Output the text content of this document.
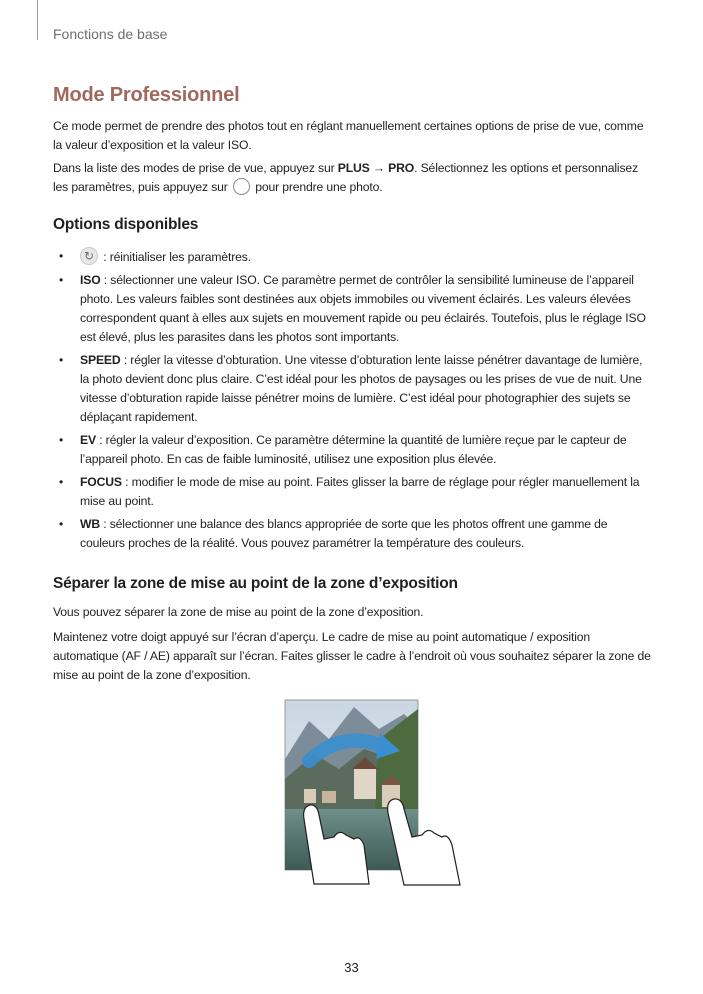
Fonctions de base
Mode Professionnel

Ce mode permet de prendre des photos tout en réglant manuellement certaines options de prise de vue, comme la valeur d’exposition et la valeur ISO.

Dans la liste des modes de prise de vue, appuyez sur PLUS → PRO. Sélectionnez les options et personnalisez les paramètres, puis appuyez sur  pour prendre une photo.

Options disponibles
•
↻	: réinitialiser les paramètres.
• ISO : sélectionner une valeur ISO. Ce paramètre permet de contrôler la sensibilité lumineuse de l’appareil photo. Les valeurs faibles sont destinées aux objets immobiles ou vivement éclairés. Les valeurs élevées correspondent quant à elles aux sujets en mouvement rapide ou peu éclairés. Toutefois, plus le réglage ISO est élevé, plus les parasites dans les photos sont importants.
• SPEED : régler la vitesse d’obturation. Une vitesse d’obturation lente laisse pénétrer davantage de lumière, la photo devient donc plus claire. C’est idéal pour les photos de paysages ou les prises de vue de nuit. Une vitesse d’obturation rapide laisse pénétrer moins de lumière. C’est idéal pour photographier des sujets se déplaçant rapidement.
• EV : régler la valeur d’exposition. Ce paramètre détermine la quantité de lumière reçue par le capteur de l’appareil photo. En cas de faible luminosité, utilisez une exposition plus élevée.
• FOCUS : modifier le mode de mise au point. Faites glisser la barre de réglage pour régler manuellement la mise au point.
• WB : sélectionner une balance des blancs appropriée de sorte que les photos offrent une gamme de couleurs proches de la réalité. Vous pouvez paramétrer la température des couleurs.
Séparer la zone de mise au point de la zone d’exposition

Vous pouvez séparer la zone de mise au point de la zone d’exposition.

Maintenez votre doigt appuyé sur l’écran d’aperçu. Le cadre de mise au point automatique / exposition automatique (AF / AE) apparaît sur l’écran. Faites glisser le cadre à l’endroit où vous souhaitez séparer la zone de mise au point de la zone d’exposition.

33
